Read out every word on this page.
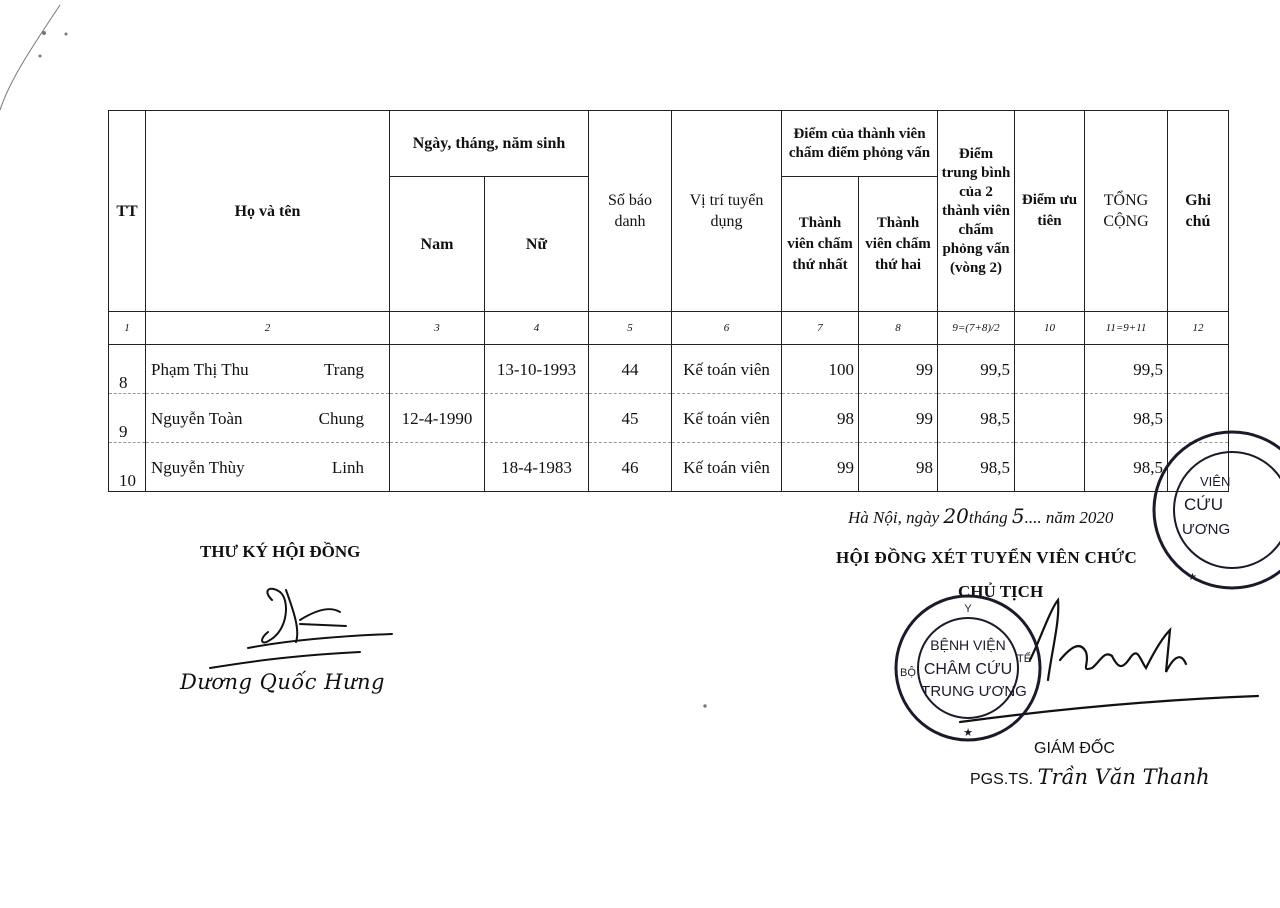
TT	Họ và tên	Ngày, tháng, năm sinh		Số báo danh	Vị trí tuyển dụng	Điểm của thành viên chấm điểm phỏng vấn		Điểm trung bình của 2 thành viên chấm phỏng vấn (vòng 2)	Điểm ưu tiên	TỔNG CỘNG	Ghi chú
		Nam	Nữ			Thành viên chấm thứ nhất	Thành viên chấm thứ hai				
1	2	3	4	5	6	7	8	9=(7+8)/2	10	11=9+11	12
8	Phạm Thị Thu Trang		13-10-1993	44	Kế toán viên	100	99	99,5		99,5	
9	Nguyễn Toàn Chung	12-4-1990		45	Kế toán viên	98	99	98,5		98,5	
10	Nguyễn Thùy Linh		18-4-1983	46	Kế toán viên	99	98	98,5		98,5	
Hà Nội, ngày 20tháng 5.... năm 2020
THƯ KÝ HỘI ĐỒNG	HỘI ĐỒNG XÉT TUYỂN VIÊN CHỨC
CHỦ TỊCH
Dương Quốc Hưng
GIÁM ĐỐC
PGS.TS. Trần Văn Thanh
BỆNH VIỆN
CHÂM CỨU
TRUNG ƯƠNG
Y
BỘ
TẾ
★
VIÊN
CỨU
ƯƠNG
★
